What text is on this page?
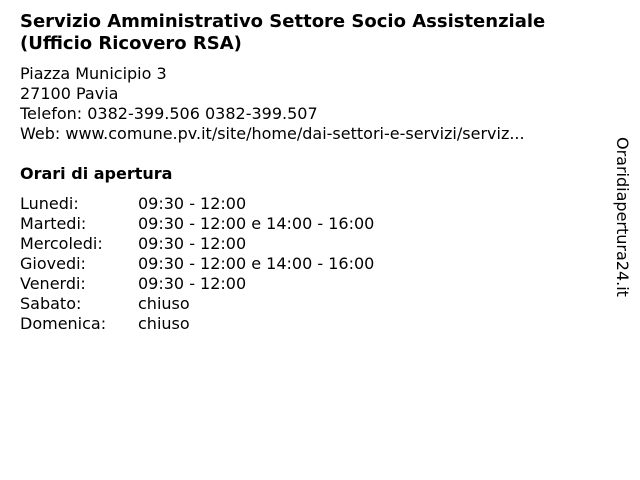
Servizio Amministrativo Settore Socio Assistenziale
(Ufficio Ricovero RSA)
Piazza Municipio 3
27100 Pavia
Telefon: 0382-399.506 0382-399.507
Web: www.comune.pv.it/site/home/dai-settori-e-servizi/serviz...
Orari di apertura
Lunedi:	09:30 - 12:00
Martedi:	09:30 - 12:00 e 14:00 - 16:00
Mercoledi:	09:30 - 12:00
Giovedi:	09:30 - 12:00 e 14:00 - 16:00
Venerdi:	09:30 - 12:00
Sabato:	chiuso
Domenica:	chiuso
Oraridiapertura24.it
